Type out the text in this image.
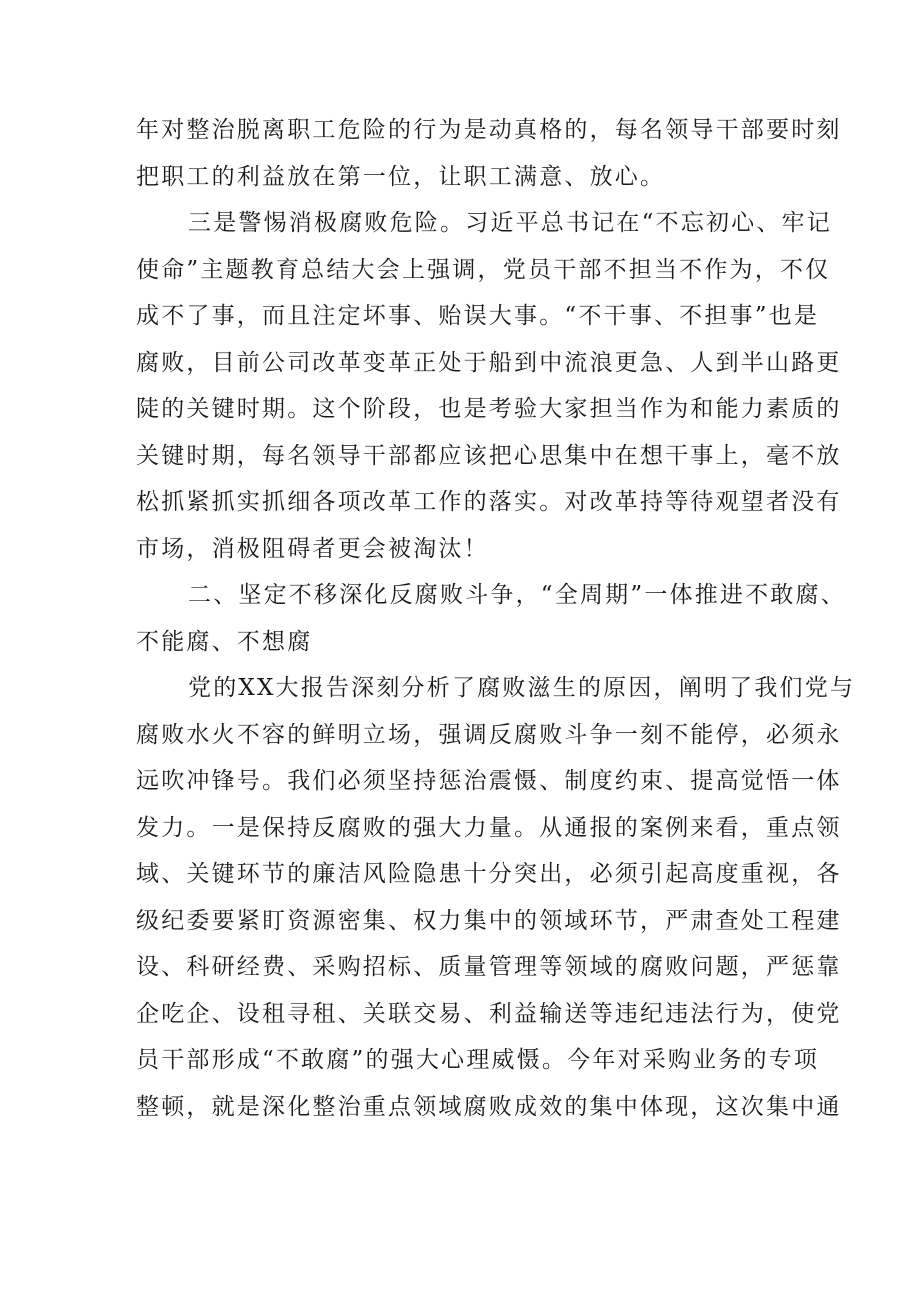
年对整治脱离职工危险的行为是动真格的，每名领导干部要时刻
把职工的利益放在第一位，让职工满意、放心。
三是警惕消极腐败危险。习近平总书记在“不忘初心、牢记
使命”主题教育总结大会上强调，党员干部不担当不作为，不仅
成不了事，而且注定坏事、贻误大事。“不干事、不担事”也是
腐败，目前公司改革变革正处于船到中流浪更急、人到半山路更
陡的关键时期。这个阶段，也是考验大家担当作为和能力素质的
关键时期，每名领导干部都应该把心思集中在想干事上，毫不放
松抓紧抓实抓细各项改革工作的落实。对改革持等待观望者没有
市场，消极阻碍者更会被淘汰！
二、坚定不移深化反腐败斗争，“全周期”一体推进不敢腐、
不能腐、不想腐
党的XX大报告深刻分析了腐败滋生的原因，阐明了我们党与
腐败水火不容的鲜明立场，强调反腐败斗争一刻不能停，必须永
远吹冲锋号。我们必须坚持惩治震慑、制度约束、提高觉悟一体
发力。一是保持反腐败的强大力量。从通报的案例来看，重点领
域、关键环节的廉洁风险隐患十分突出，必须引起高度重视，各
级纪委要紧盯资源密集、权力集中的领域环节，严肃查处工程建
设、科研经费、采购招标、质量管理等领域的腐败问题，严惩靠
企吃企、设租寻租、关联交易、利益输送等违纪违法行为，使党
员干部形成“不敢腐”的强大心理威慑。今年对采购业务的专项
整顿，就是深化整治重点领域腐败成效的集中体现，这次集中通
